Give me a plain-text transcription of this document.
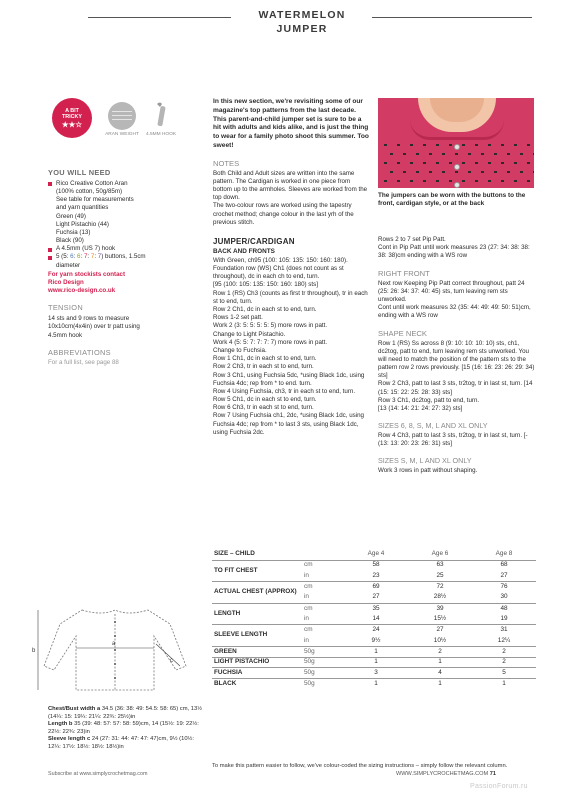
WATERMELON JUMPER
A BIT
TRICKY
★★☆
ARAN WEIGHT	4.5MM HOOK
YOU WILL NEED
Rico Creative Cotton Aran
(100% cotton, 50g/85m)
See table for measurements
and yarn quantities
Green (49)
Light Pistachio (44)
Fuchsia (13)
Black (90)
A 4.5mm (US 7) hook
5 (5: 6: 6: 7: 7: 7) buttons, 1.5cm
diameter
For yarn stockists contact
Rico Design
www.rico-design.co.uk
TENSION
14 sts and 9 rows to measure
10x10cm(4x4in) over tr patt using
4.5mm hook
ABBREVIATIONS
For a full list, see page 88
In this new section, we're revisiting some of our magazine's top patterns from the last decade. This parent-and-child jumper set is sure to be a hit with adults and kids alike, and is just the thing to wear for a family photo shoot this summer. Too sweet!
NOTES
Both Child and Adult sizes are written into the same pattern. The Cardigan is worked in one piece from bottom up to the armholes. Sleeves are worked from the top down.
The two-colour rows are worked using the tapestry crochet method; change colour in the last yrh of the previous stitch.
JUMPER/CARDIGAN
BACK AND FRONTS
With Green, ch95 (100: 105: 135: 150: 160: 180).
Foundation row (WS) Ch1 (does not count as st throughout), dc in each ch to end, turn.
[95 (100: 105: 135: 150: 160: 180) sts]
Row 1 (RS) Ch3 (counts as first tr throughout), tr in each st to end, turn.
Row 2 Ch1, dc in each st to end, turn.
Rows 1-2 set patt.
Work 2 (3: 5: 5: 5: 5: 5) more rows in patt.
Change to Light Pistachio.
Work 4 (5: 5: 7: 7: 7: 7) more rows in patt.
Change to Fuchsia.
Row 1 Ch1, dc in each st to end, turn.
Row 2 Ch3, tr in each st to end, turn.
Row 3 Ch1, using Fuchsia 5dc, *using Black 1dc, using Fuchsia 4dc; rep from * to end. turn.
Row 4 Using Fuchsia, ch3, tr in each st to end, turn.
Row 5 Ch1, dc in each st to end, turn.
Row 6 Ch3, tr in each st to end, turn.
Row 7 Using Fuchsia ch1, 2dc, *using Black 1dc, using Fuchsia 4dc; rep from * to last 3 sts, using Black 1dc, using Fuchsia 2dc.
The jumpers can be worn with the buttons to the front, cardigan style, or at the back
Rows 2 to 7 set Pip Patt.
Cont in Pip Patt until work measures 23 (27: 34: 38: 38: 38: 38)cm ending with a WS row
RIGHT FRONT
Next row Keeping Pip Patt correct throughout, patt 24 (25: 26: 34: 37: 40: 45) sts, turn leaving rem sts unworked.
Cont until work measures 32 (35: 44: 49: 49: 50: 51)cm, ending with a WS row
SHAPE NECK
Row 1 (RS) Ss across 8 (9: 10: 10: 10: 10) sts, ch1, dc2tog, patt to end, turn leaving rem sts unworked. You will need to match the position of the pattern sts to the pattern row 2 rows previously. [15 (16: 16: 23: 26: 29: 34) sts]
Row 2 Ch3, patt to last 3 sts, tr2tog, tr in last st, turn. [14 (15: 15: 22: 25: 28: 33) sts]
Row 3 Ch1, dc2tog, patt to end, turn.
[13 (14: 14: 21: 24: 27: 32) sts]
SIZES 6, 8, S, M, L AND XL ONLY
Row 4 Ch3, patt to last 3 sts, tr2tog, tr in last st, turn. [- (13: 13: 20: 23: 26: 31) sts]
SIZES S, M, L AND XL ONLY
Work 3 rows in patt without shaping.
SIZE – CHILD		Age 4	Age 6	Age 8
TO FIT CHEST	cm	58	63	68
	in	23	25	27
ACTUAL CHEST (APPROX)	cm	69	72	76
	in	27	28½	30
LENGTH	cm	35	39	48
	in	14	15½	19
SLEEVE LENGTH	cm	24	27	31
	in	9½	10½	12¼
GREEN	50g	1	2	2
LIGHT PISTACHIO	50g	1	1	2
FUCHSIA	50g	3	4	5
BLACK	50g	1	1	1
To make this pattern easier to follow, we've colour-coded the sizing instructions – simply follow the relevant column.
a
b
c
Chest/Bust width a 34.5 (36: 38: 49: 54.5: 58: 65) cm, 13½ (14¼: 15: 19¼: 21¼: 22¾: 25½)in
Length b 35 (39: 48: 57: 57: 58: 59)cm, 14 (15½: 19: 22½: 22½: 22¾: 23)in
Sleeve length c 24 (27: 31: 44: 47: 47: 47)cm, 9½ (10½: 12¼: 17½: 18½: 18½: 18½)in
Subscribe at www.simplycrochetmag.com	WWW.SIMPLYCROCHETMAG.COM 71
PassionForum.ru
